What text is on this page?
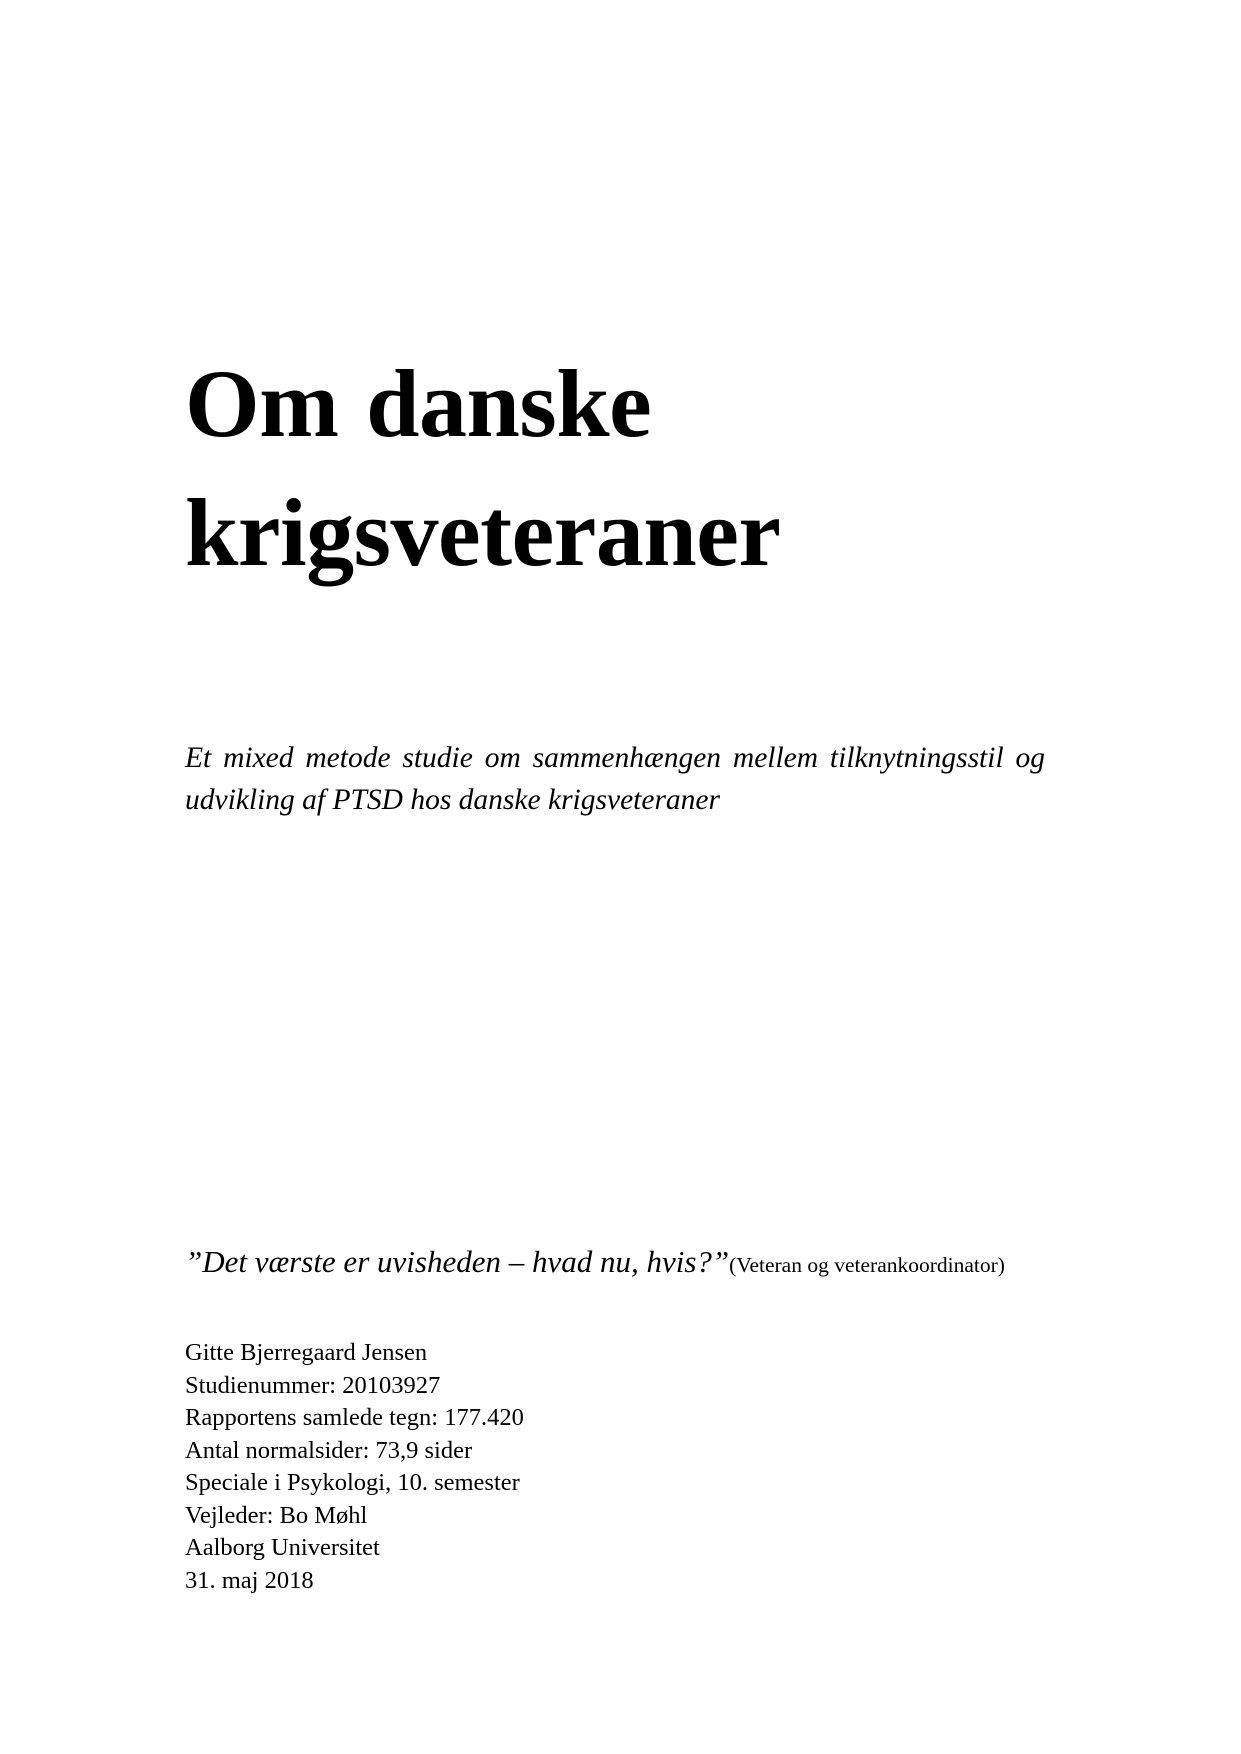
Om danske
krigsveteraner

Et mixed metode studie om sammenhængen mellem tilknytningsstil og udvikling af PTSD hos danske krigsveteraner

”Det værste er uvisheden – hvad nu, hvis?”(Veteran og veterankoordinator)

Gitte Bjerregaard Jensen

Studienummer: 20103927

Rapportens samlede tegn: 177.420

Antal normalsider: 73,9 sider

Speciale i Psykologi, 10. semester

Vejleder: Bo Møhl

Aalborg Universitet

31. maj 2018
